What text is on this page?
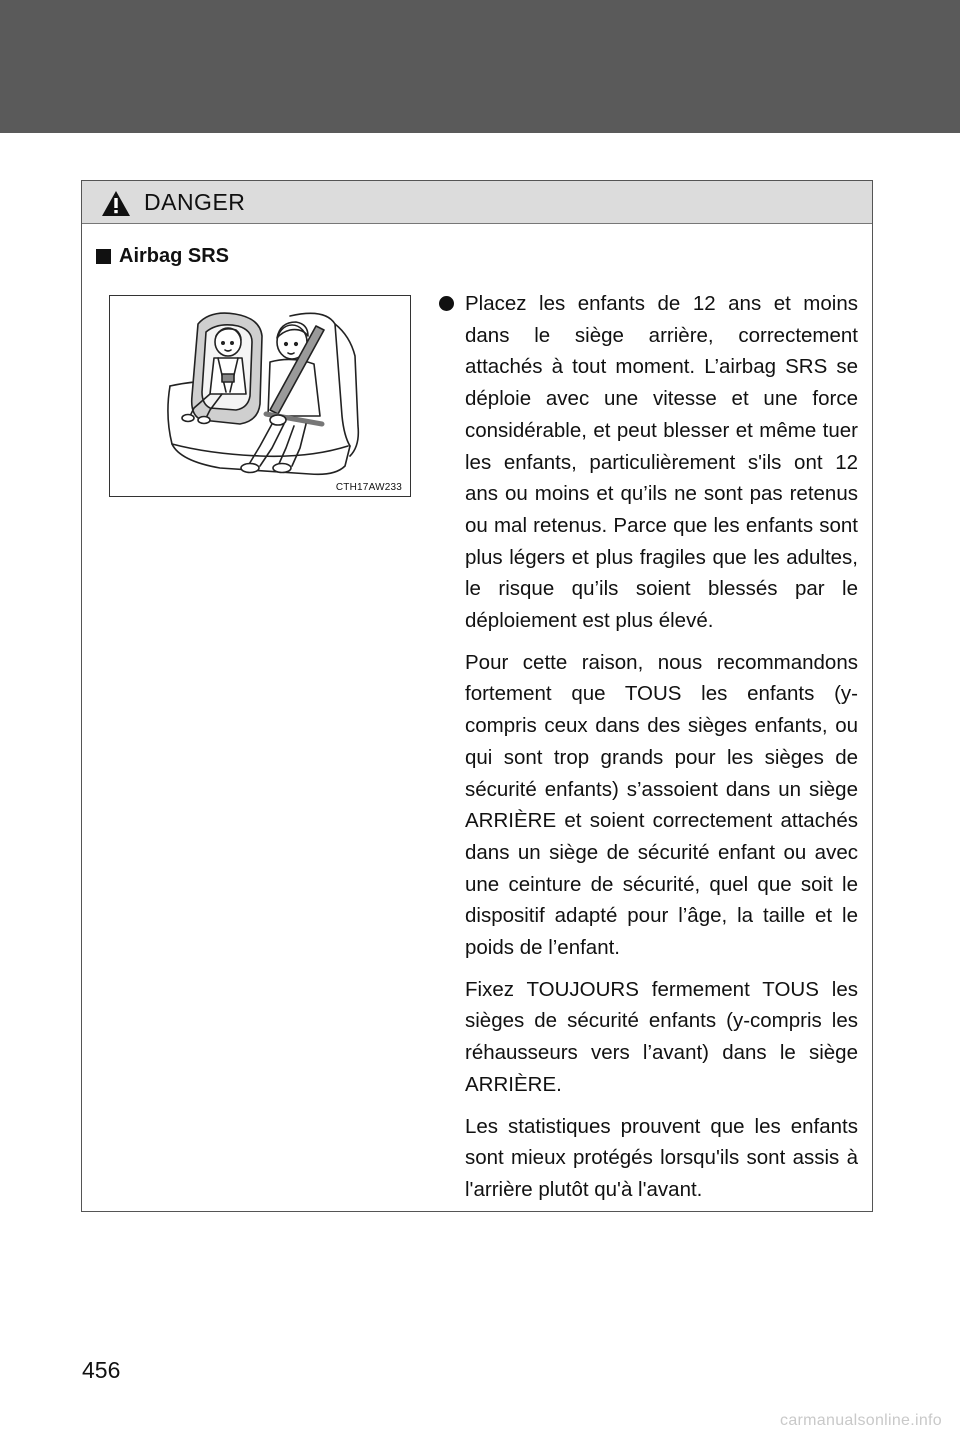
DANGER
Airbag SRS
CTH17AW233

Placez les enfants de 12 ans et moins dans le siège arrière, correctement attachés à tout moment. L’airbag SRS se déploie avec une vitesse et une force considérable, et peut blesser et même tuer les enfants, particulièrement s'ils ont 12 ans ou moins et qu’ils ne sont pas retenus ou mal retenus. Parce que les enfants sont plus légers et plus fragiles que les adultes, le risque qu’ils soient blessés par le déploiement est plus élevé.

Pour cette raison, nous recommandons fortement que TOUS les enfants (y-compris ceux dans des sièges enfants, ou qui sont trop grands pour les sièges de sécurité enfants) s’assoient dans un siège ARRIÈRE et soient correctement attachés dans un siège de sécurité enfant ou avec une ceinture de sécurité, quel que soit le dispositif adapté pour l’âge, la taille et le poids de l’enfant.

Fixez TOUJOURS fermement TOUS les sièges de sécurité enfants (y-compris les réhausseurs vers l’avant) dans le siège ARRIÈRE.

Les statistiques prouvent que les enfants sont mieux protégés lorsqu'ils sont assis à l'arrière plutôt qu'à l'avant.

456
carmanualsonline.info
